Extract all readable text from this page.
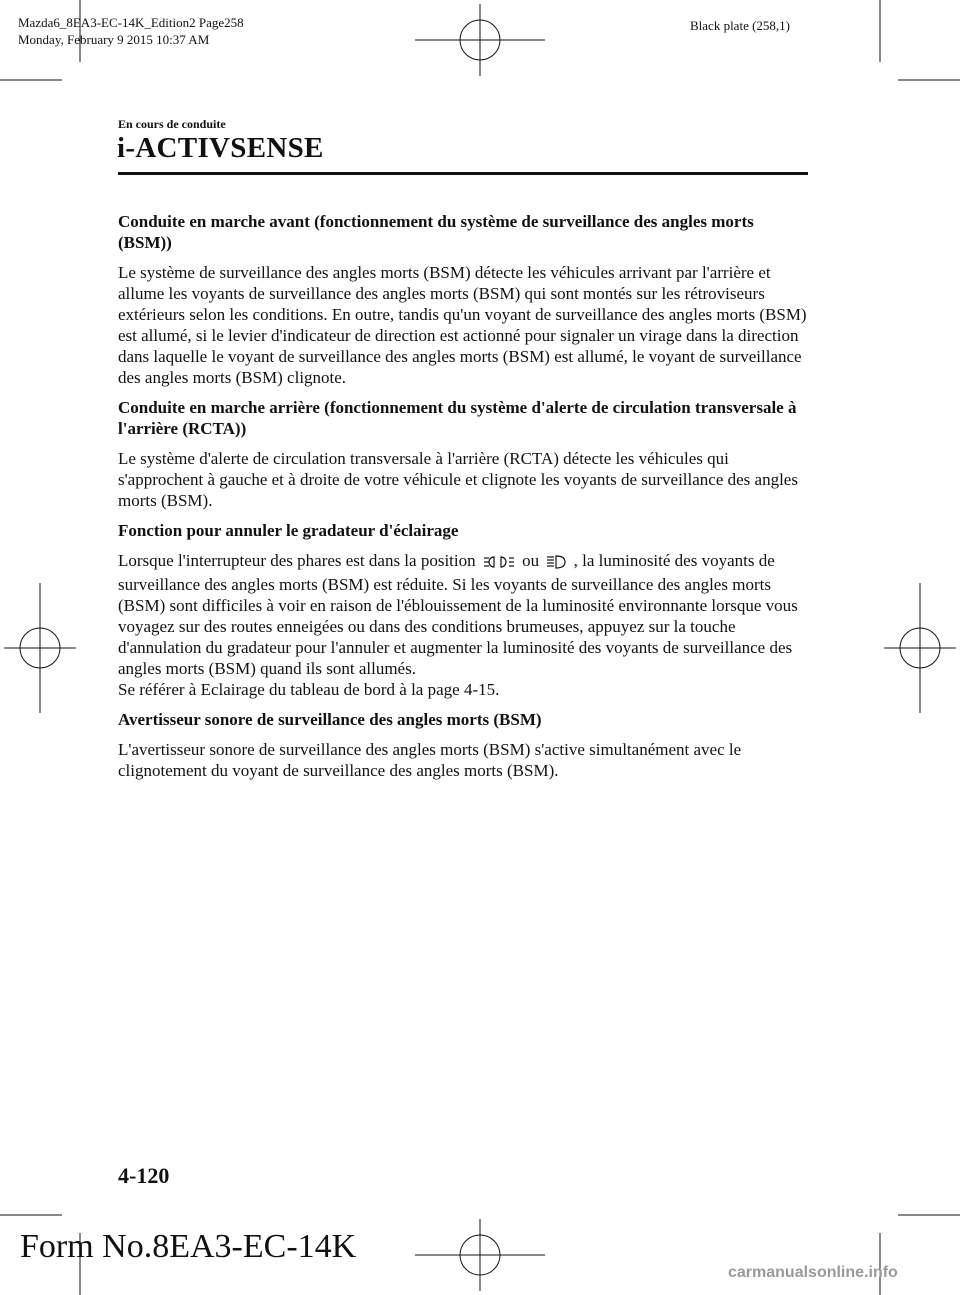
Mazda6_8EA3-EC-14K_Edition2 Page258
Monday, February 9 2015 10:37 AM
Black plate (258,1)
En cours de conduite
i-ACTIVSENSE
Conduite en marche avant (fonctionnement du système de surveillance des angles morts (BSM))
Le système de surveillance des angles morts (BSM) détecte les véhicules arrivant par l'arrière et allume les voyants de surveillance des angles morts (BSM) qui sont montés sur les rétroviseurs extérieurs selon les conditions. En outre, tandis qu'un voyant de surveillance des angles morts (BSM) est allumé, si le levier d'indicateur de direction est actionné pour signaler un virage dans la direction dans laquelle le voyant de surveillance des angles morts (BSM) est allumé, le voyant de surveillance des angles morts (BSM) clignote.
Conduite en marche arrière (fonctionnement du système d'alerte de circulation transversale à l'arrière (RCTA))
Le système d'alerte de circulation transversale à l'arrière (RCTA) détecte les véhicules qui s'approchent à gauche et à droite de votre véhicule et clignote les voyants de surveillance des angles morts (BSM).
Fonction pour annuler le gradateur d'éclairage
Lorsque l'interrupteur des phares est dans la position	ou , la luminosité des voyants de surveillance des angles morts (BSM) est réduite. Si les voyants de surveillance des angles morts (BSM) sont difficiles à voir en raison de l'éblouissement de la luminosité environnante lorsque vous voyagez sur des routes enneigées ou dans des conditions brumeuses, appuyez sur la touche d'annulation du gradateur pour l'annuler et augmenter la luminosité des voyants de surveillance des angles morts (BSM) quand ils sont allumés.
Se référer à Eclairage du tableau de bord à la page 4-15.
Avertisseur sonore de surveillance des angles morts (BSM)
L'avertisseur sonore de surveillance des angles morts (BSM) s'active simultanément avec le clignotement du voyant de surveillance des angles morts (BSM).
4-120
Form No.8EA3-EC-14K
carmanualsonline.info
